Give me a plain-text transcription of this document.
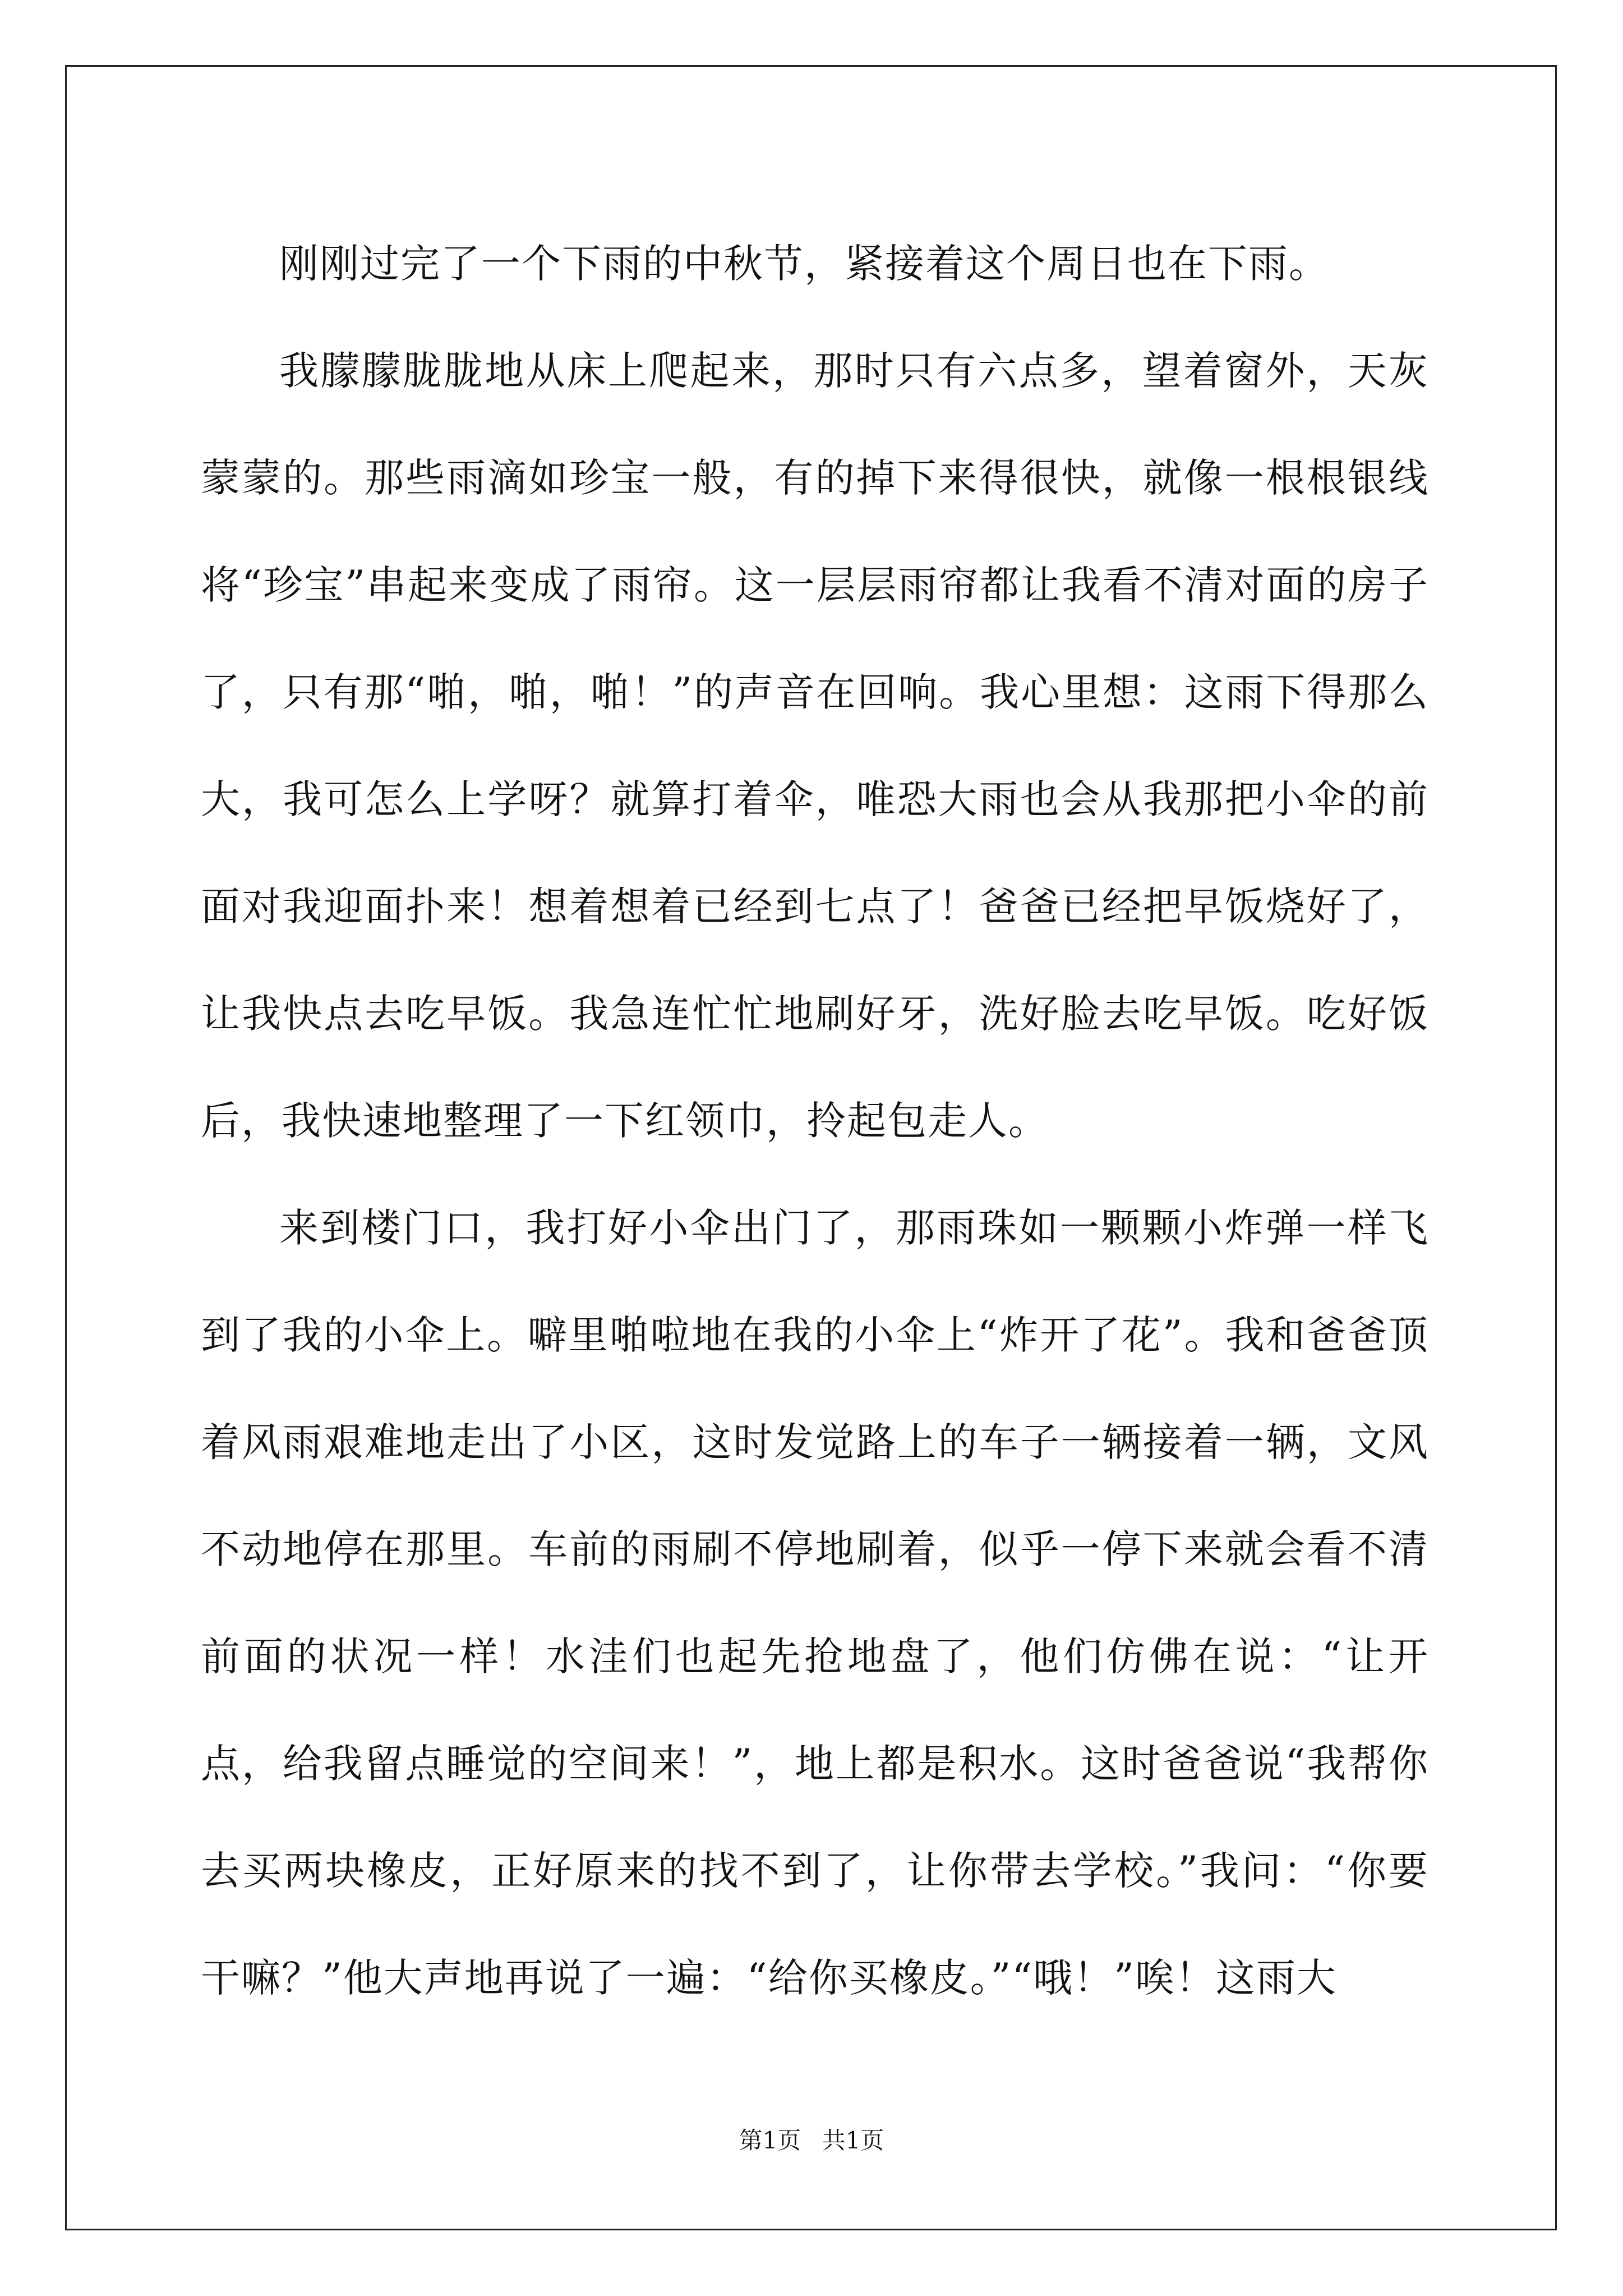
刚刚过完了一个下雨的中秋节，紧接着这个周日也在下雨。

我朦朦胧胧地从床上爬起来，那时只有六点多，望着窗外，天灰蒙蒙的。那些雨滴如珍宝一般，有的掉下来得很快，就像一根根银线将“珍宝”串起来变成了雨帘。这一层层雨帘都让我看不清对面的房子了，只有那“啪，啪，啪！”的声音在回响。我心里想：这雨下得那么大，我可怎么上学呀？就算打着伞，唯恐大雨也会从我那把小伞的前面对我迎面扑来！想着想着已经到七点了！爸爸已经把早饭烧好了，让我快点去吃早饭。我急连忙忙地刷好牙，洗好脸去吃早饭。吃好饭后，我快速地整理了一下红领巾，拎起包走人。

来到楼门口，我打好小伞出门了，那雨珠如一颗颗小炸弹一样飞到了我的小伞上。噼里啪啦地在我的小伞上“炸开了花”。我和爸爸顶着风雨艰难地走出了小区，这时发觉路上的车子一辆接着一辆，文风不动地停在那里。车前的雨刷不停地刷着，似乎一停下来就会看不清前面的状况一样！水洼们也起先抢地盘了，他们仿佛在说：“让开点，给我留点睡觉的空间来！”，地上都是积水。这时爸爸说“我帮你去买两块橡皮，正好原来的找不到了，让你带去学校。”我问：“你要干嘛？”他大声地再说了一遍：“给你买橡皮。”“哦！”唉！这雨大

第1页 共1页
